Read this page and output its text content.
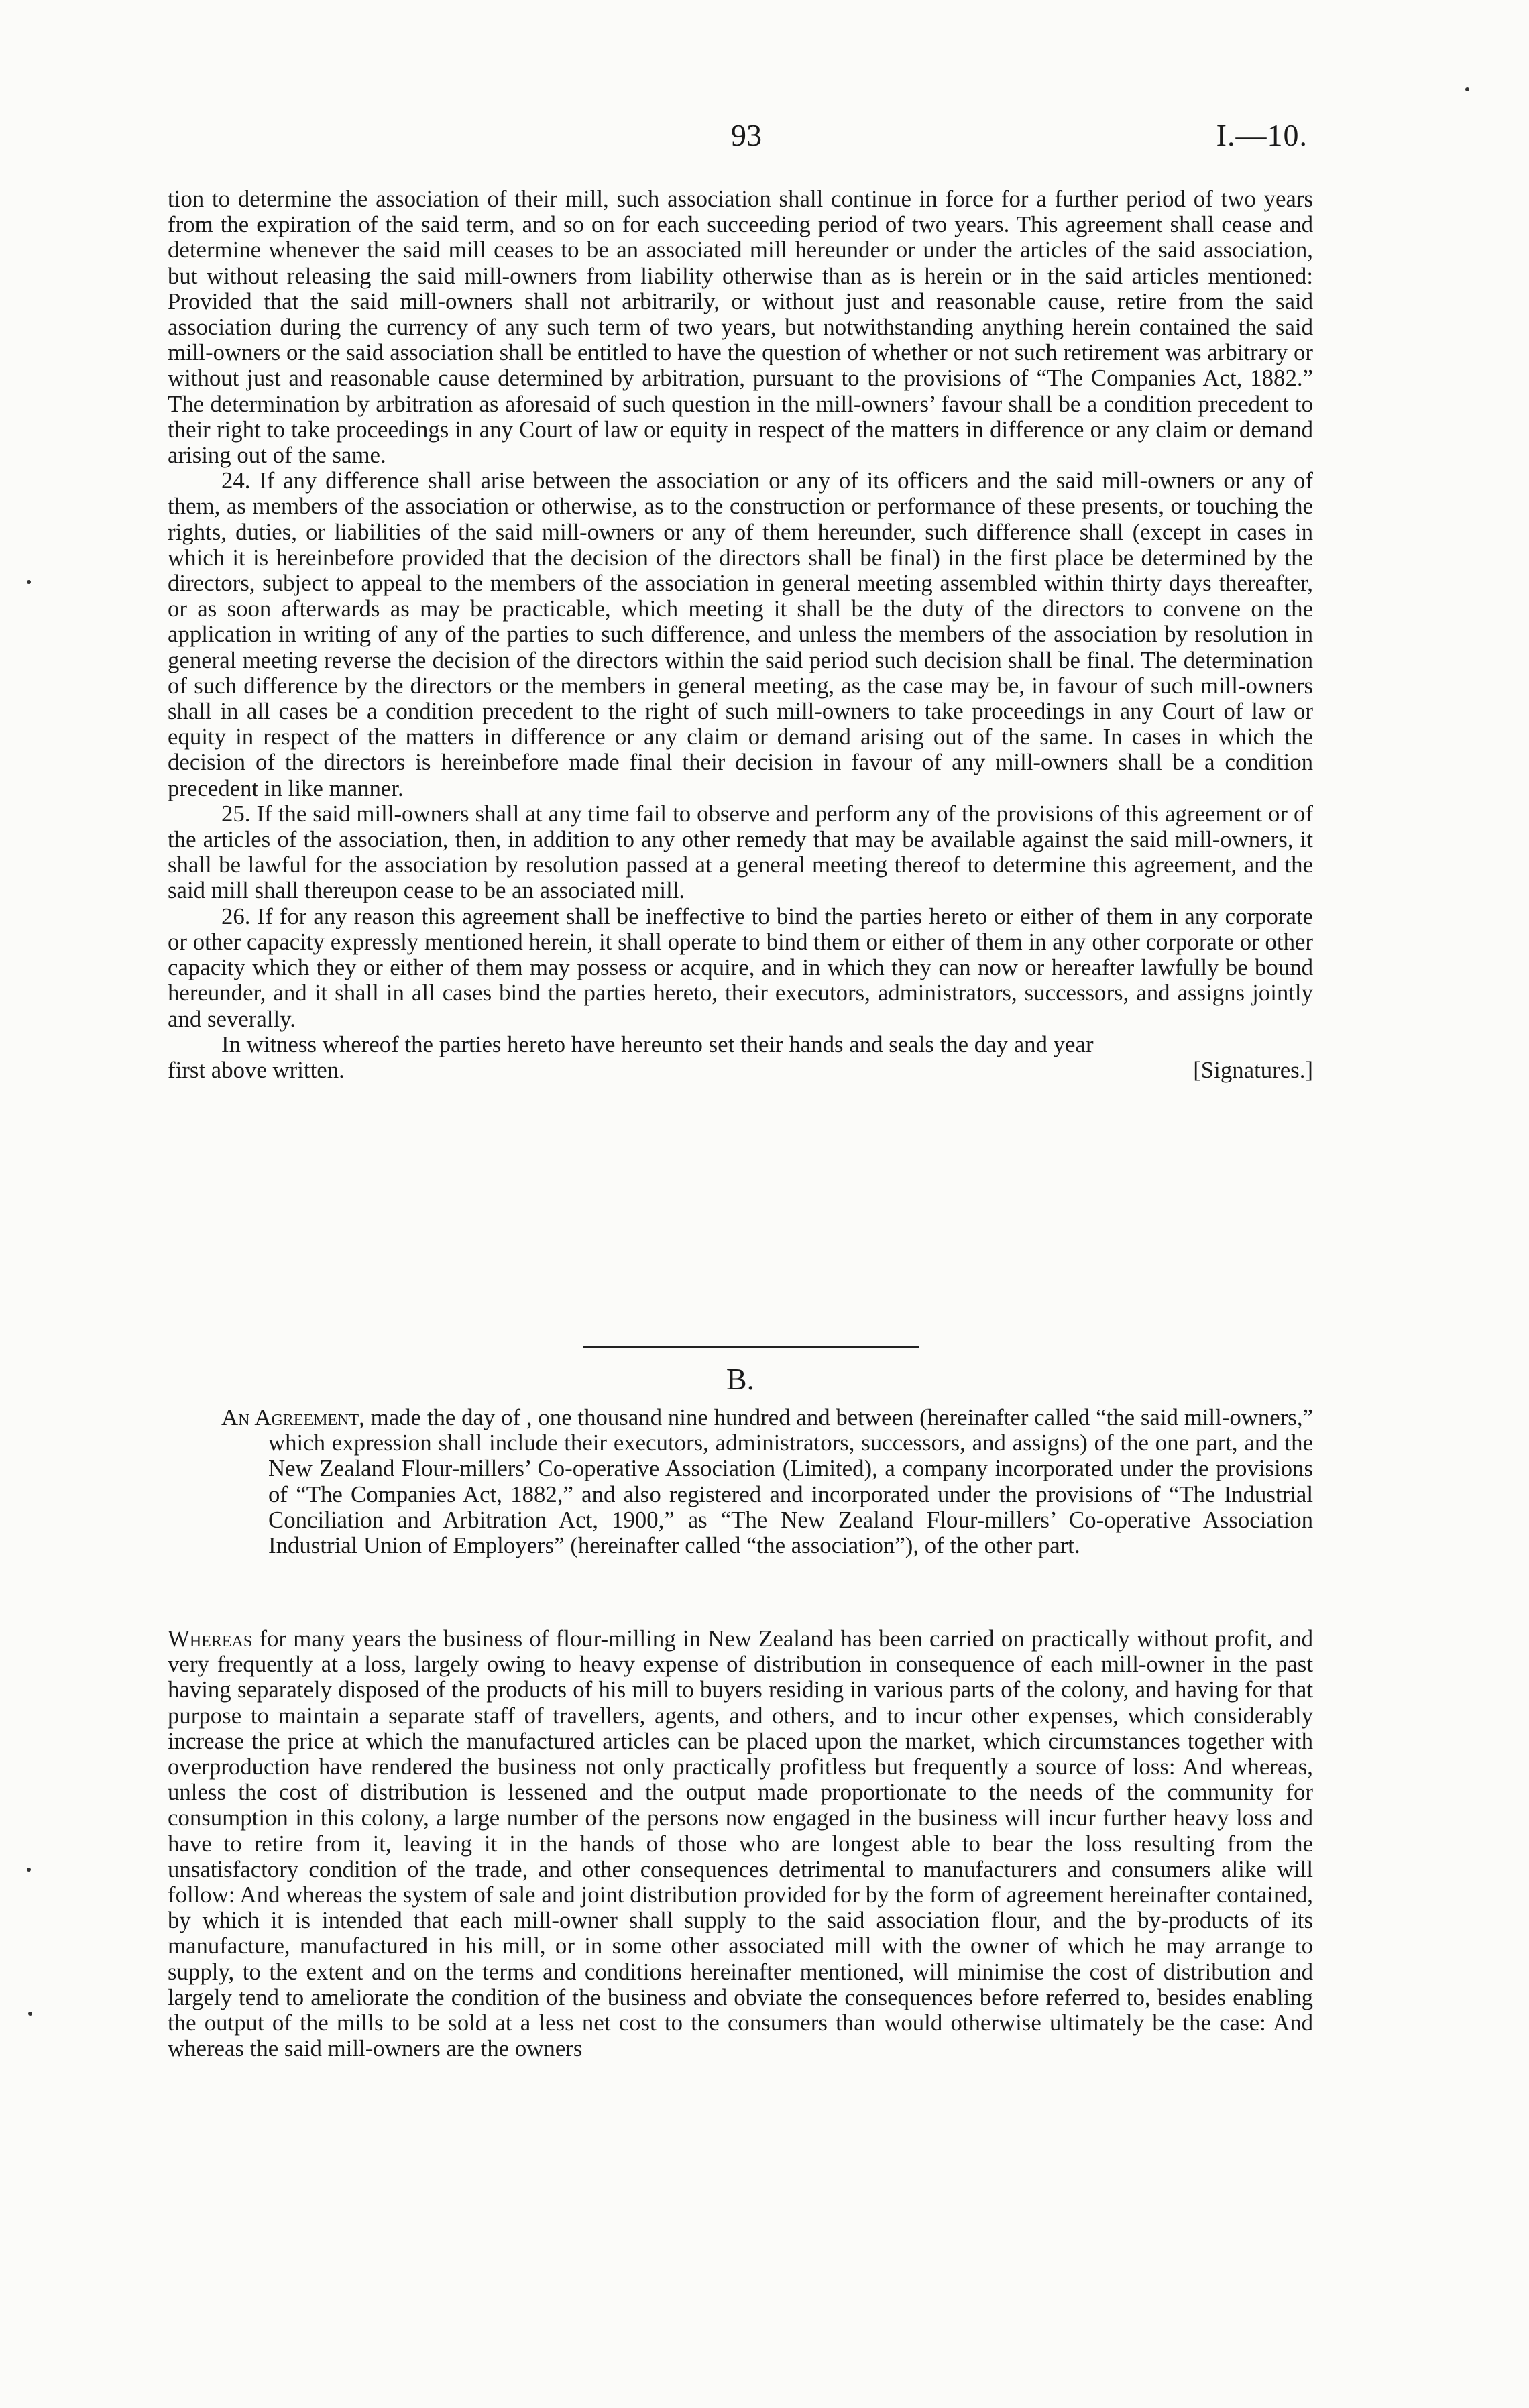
93	I.—10.

tion to determine the association of their mill, such association shall continue in force for a further period of two years from the expiration of the said term, and so on for each succeeding period of two years. This agreement shall cease and determine whenever the said mill ceases to be an associated mill hereunder or under the articles of the said association, but without releasing the said mill-owners from liability otherwise than as is herein or in the said articles mentioned: Provided that the said mill-owners shall not arbitrarily, or without just and reasonable cause, retire from the said association during the currency of any such term of two years, but notwithstanding anything herein contained the said mill-owners or the said association shall be entitled to have the question of whether or not such retirement was arbitrary or without just and reasonable cause determined by arbitration, pursuant to the provisions of “The Companies Act, 1882.” The determination by arbitration as aforesaid of such question in the mill-owners’ favour shall be a condition precedent to their right to take proceedings in any Court of law or equity in respect of the matters in difference or any claim or demand arising out of the same.

24. If any difference shall arise between the association or any of its officers and the said mill-owners or any of them, as members of the association or otherwise, as to the construction or performance of these presents, or touching the rights, duties, or liabilities of the said mill-owners or any of them hereunder, such difference shall (except in cases in which it is hereinbefore provided that the decision of the directors shall be final) in the first place be determined by the directors, subject to appeal to the members of the association in general meeting assembled within thirty days thereafter, or as soon afterwards as may be practicable, which meeting it shall be the duty of the directors to convene on the application in writing of any of the parties to such difference, and unless the members of the association by resolution in general meeting reverse the decision of the directors within the said period such decision shall be final. The determination of such difference by the directors or the members in general meeting, as the case may be, in favour of such mill-owners shall in all cases be a condition precedent to the right of such mill-owners to take proceedings in any Court of law or equity in respect of the matters in difference or any claim or demand arising out of the same. In cases in which the decision of the directors is hereinbefore made final their decision in favour of any mill-owners shall be a condition precedent in like manner.

25. If the said mill-owners shall at any time fail to observe and perform any of the provisions of this agreement or of the articles of the association, then, in addition to any other remedy that may be available against the said mill-owners, it shall be lawful for the association by resolution passed at a general meeting thereof to determine this agreement, and the said mill shall thereupon cease to be an associated mill.

26. If for any reason this agreement shall be ineffective to bind the parties hereto or either of them in any corporate or other capacity expressly mentioned herein, it shall operate to bind them or either of them in any other corporate or other capacity which they or either of them may possess or acquire, and in which they can now or hereafter lawfully be bound hereunder, and it shall in all cases bind the parties hereto, their executors, administrators, successors, and assigns jointly and severally.

In witness whereof the parties hereto have hereunto set their hands and seals the day and year

first above written.	[Signatures.]
B.

An Agreement, made the day of , one thousand nine hundred and between (hereinafter called “the said mill-owners,” which expression shall include their executors, administrators, successors, and assigns) of the one part, and the New Zealand Flour-millers’ Co-operative Association (Limited), a company incorporated under the provisions of “The Companies Act, 1882,” and also registered and incorporated under the provisions of “The Industrial Conciliation and Arbitration Act, 1900,” as “The New Zealand Flour-millers’ Co-operative Association Industrial Union of Employers” (hereinafter called “the association”), of the other part.

Whereas for many years the business of flour-milling in New Zealand has been carried on practically without profit, and very frequently at a loss, largely owing to heavy expense of distribution in consequence of each mill-owner in the past having separately disposed of the products of his mill to buyers residing in various parts of the colony, and having for that purpose to maintain a separate staff of travellers, agents, and others, and to incur other expenses, which considerably increase the price at which the manufactured articles can be placed upon the market, which circumstances together with overproduction have rendered the business not only practically profitless but frequently a source of loss: And whereas, unless the cost of distribution is lessened and the output made proportionate to the needs of the community for consumption in this colony, a large number of the persons now engaged in the business will incur further heavy loss and have to retire from it, leaving it in the hands of those who are longest able to bear the loss resulting from the unsatisfactory condition of the trade, and other consequences detrimental to manufacturers and consumers alike will follow: And whereas the system of sale and joint distribution provided for by the form of agreement hereinafter contained, by which it is intended that each mill-owner shall supply to the said association flour, and the by-products of its manufacture, manufactured in his mill, or in some other associated mill with the owner of which he may arrange to supply, to the extent and on the terms and conditions hereinafter mentioned, will minimise the cost of distribution and largely tend to ameliorate the condition of the business and obviate the consequences before referred to, besides enabling the output of the mills to be sold at a less net cost to the consumers than would otherwise ultimately be the case: And whereas the said mill-owners are the owners
